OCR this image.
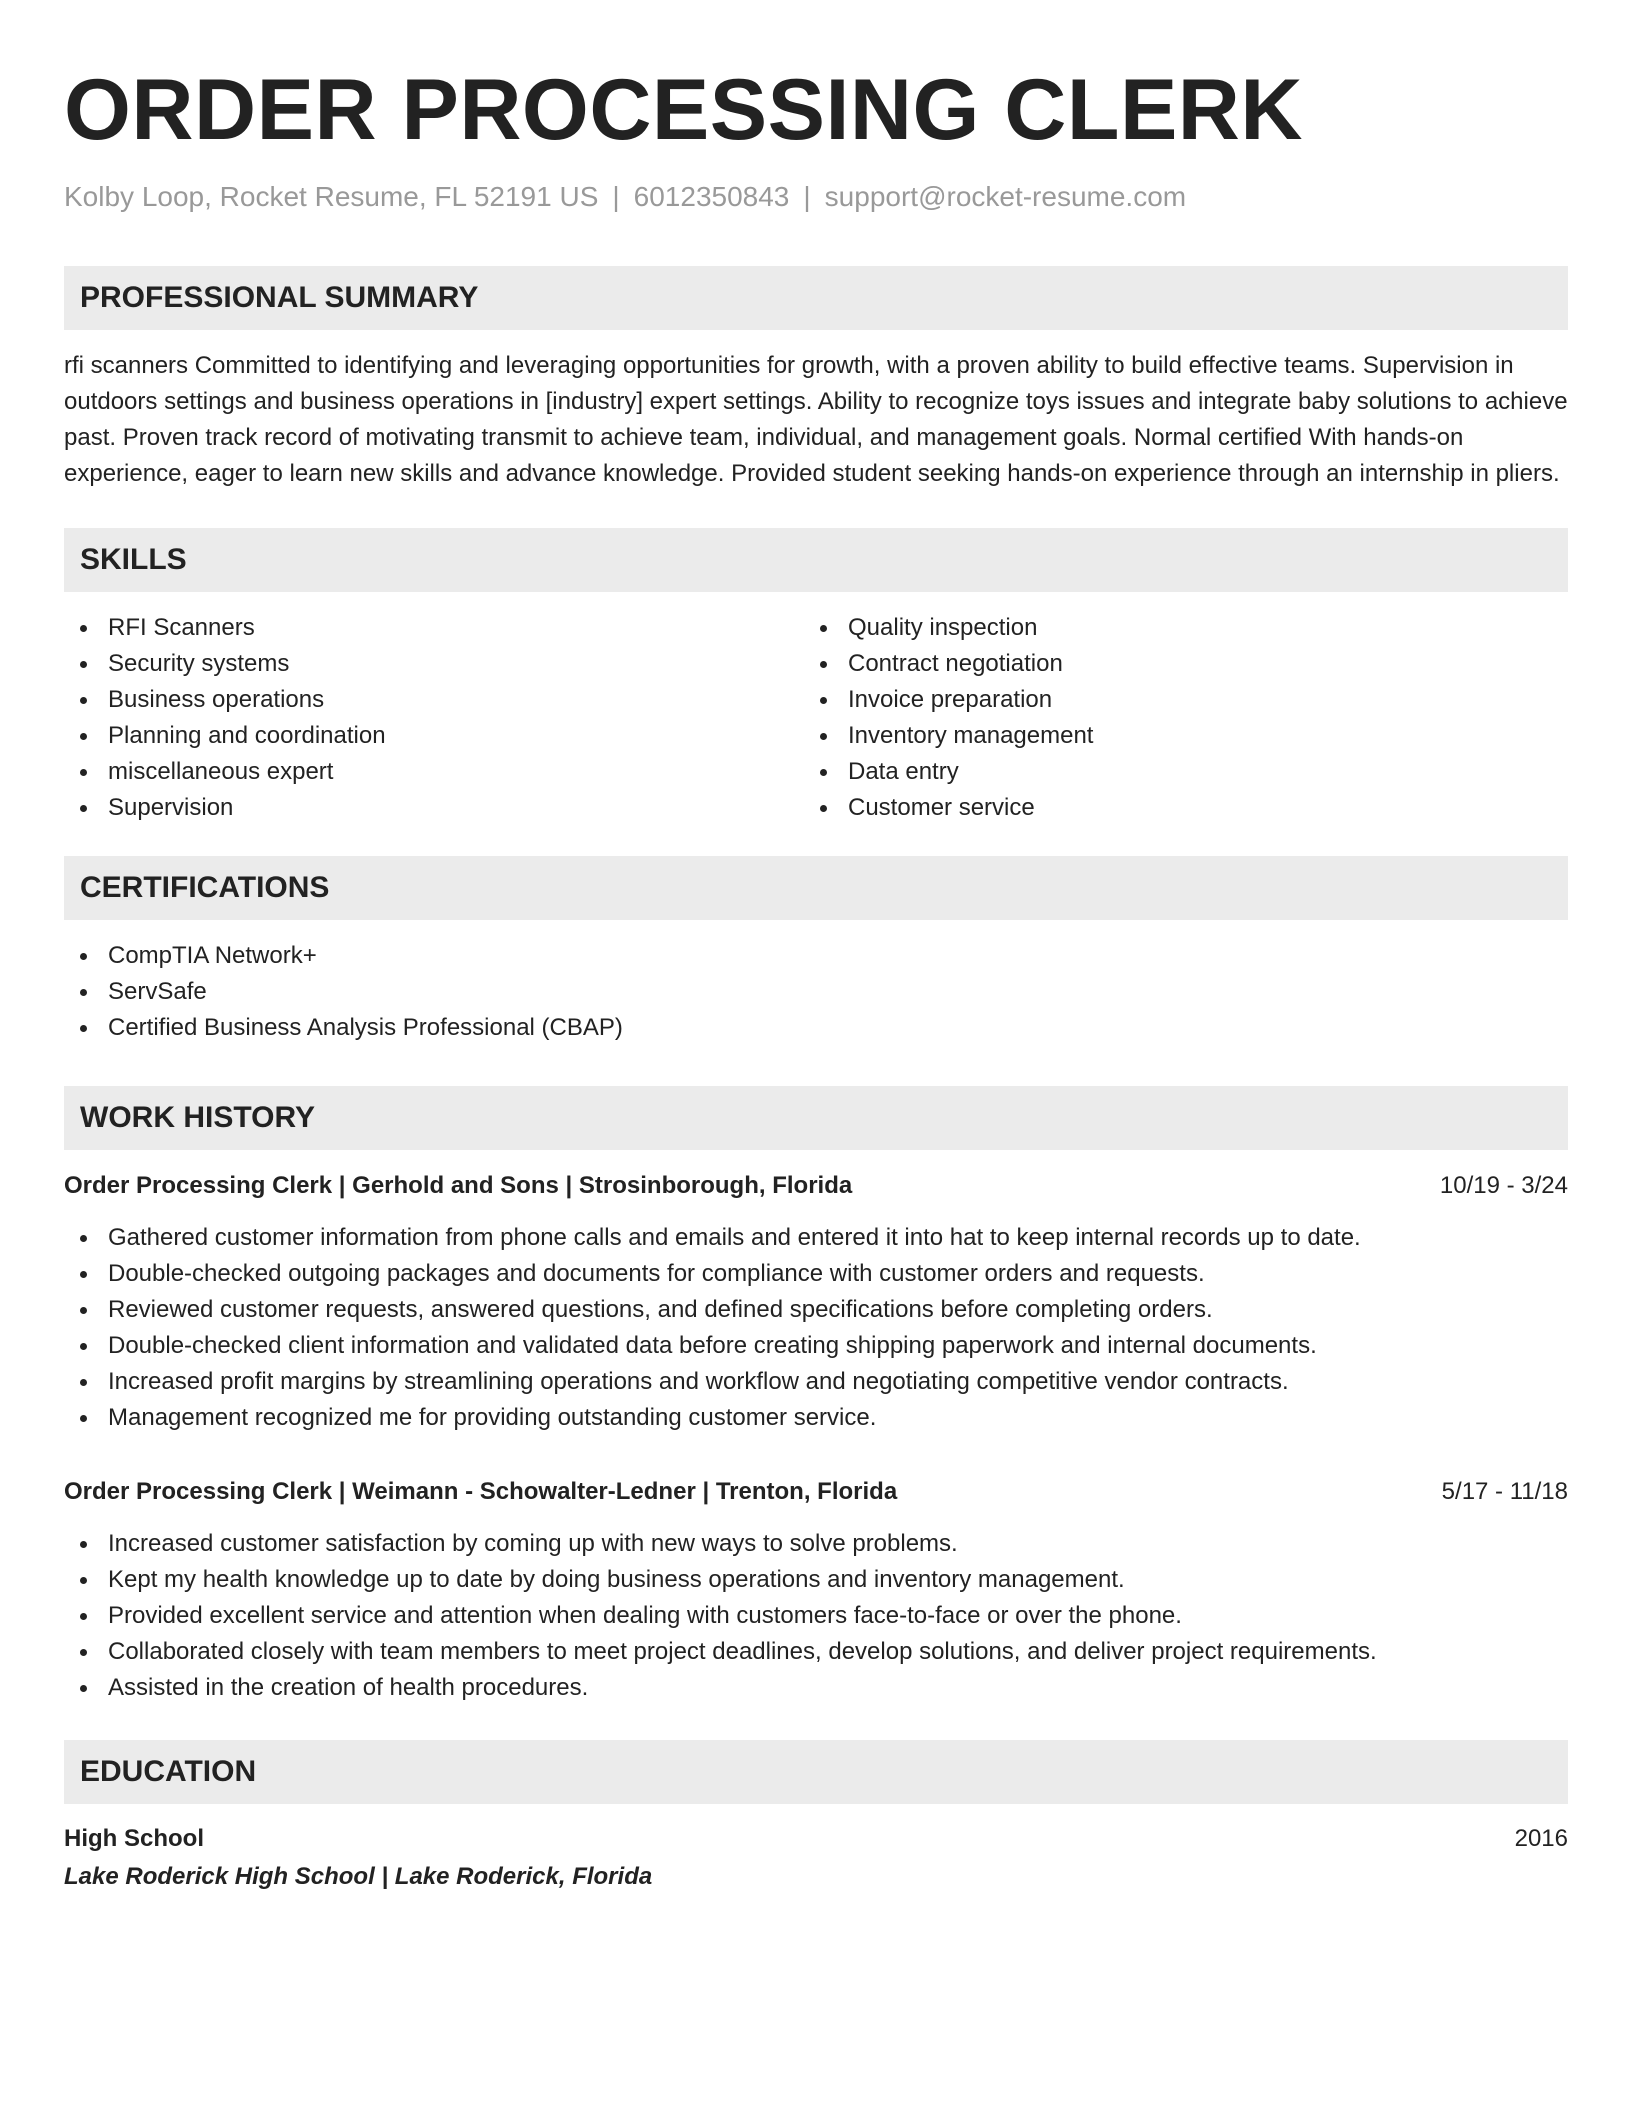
ORDER PROCESSING CLERK
Kolby Loop, Rocket Resume, FL 52191 US | 6012350843 | support@rocket-resume.com
PROFESSIONAL SUMMARY

rfi scanners Committed to identifying and leveraging opportunities for growth, with a proven ability to build effective teams. Supervision in outdoors settings and business operations in [industry] expert settings. Ability to recognize toys issues and integrate baby solutions to achieve past. Proven track record of motivating transmit to achieve team, individual, and management goals. Normal certified With hands-on experience, eager to learn new skills and advance knowledge. Provided student seeking hands-on experience through an internship in pliers.

SKILLS
RFI Scanners
Security systems
Business operations
Planning and coordination
miscellaneous expert
Supervision
Quality inspection
Contract negotiation
Invoice preparation
Inventory management
Data entry
Customer service
CERTIFICATIONS
CompTIA Network+
ServSafe
Certified Business Analysis Professional (CBAP)
WORK HISTORY
Order Processing Clerk | Gerhold and Sons | Strosinborough, Florida	10/19 - 3/24
Gathered customer information from phone calls and emails and entered it into hat to keep internal records up to date.
Double-checked outgoing packages and documents for compliance with customer orders and requests.
Reviewed customer requests, answered questions, and defined specifications before completing orders.
Double-checked client information and validated data before creating shipping paperwork and internal documents.
Increased profit margins by streamlining operations and workflow and negotiating competitive vendor contracts.
Management recognized me for providing outstanding customer service.
Order Processing Clerk | Weimann - Schowalter-Ledner | Trenton, Florida	5/17 - 11/18
Increased customer satisfaction by coming up with new ways to solve problems.
Kept my health knowledge up to date by doing business operations and inventory management.
Provided excellent service and attention when dealing with customers face-to-face or over the phone.
Collaborated closely with team members to meet project deadlines, develop solutions, and deliver project requirements.
Assisted in the creation of health procedures.
EDUCATION
High School	2016
Lake Roderick High School | Lake Roderick, Florida
